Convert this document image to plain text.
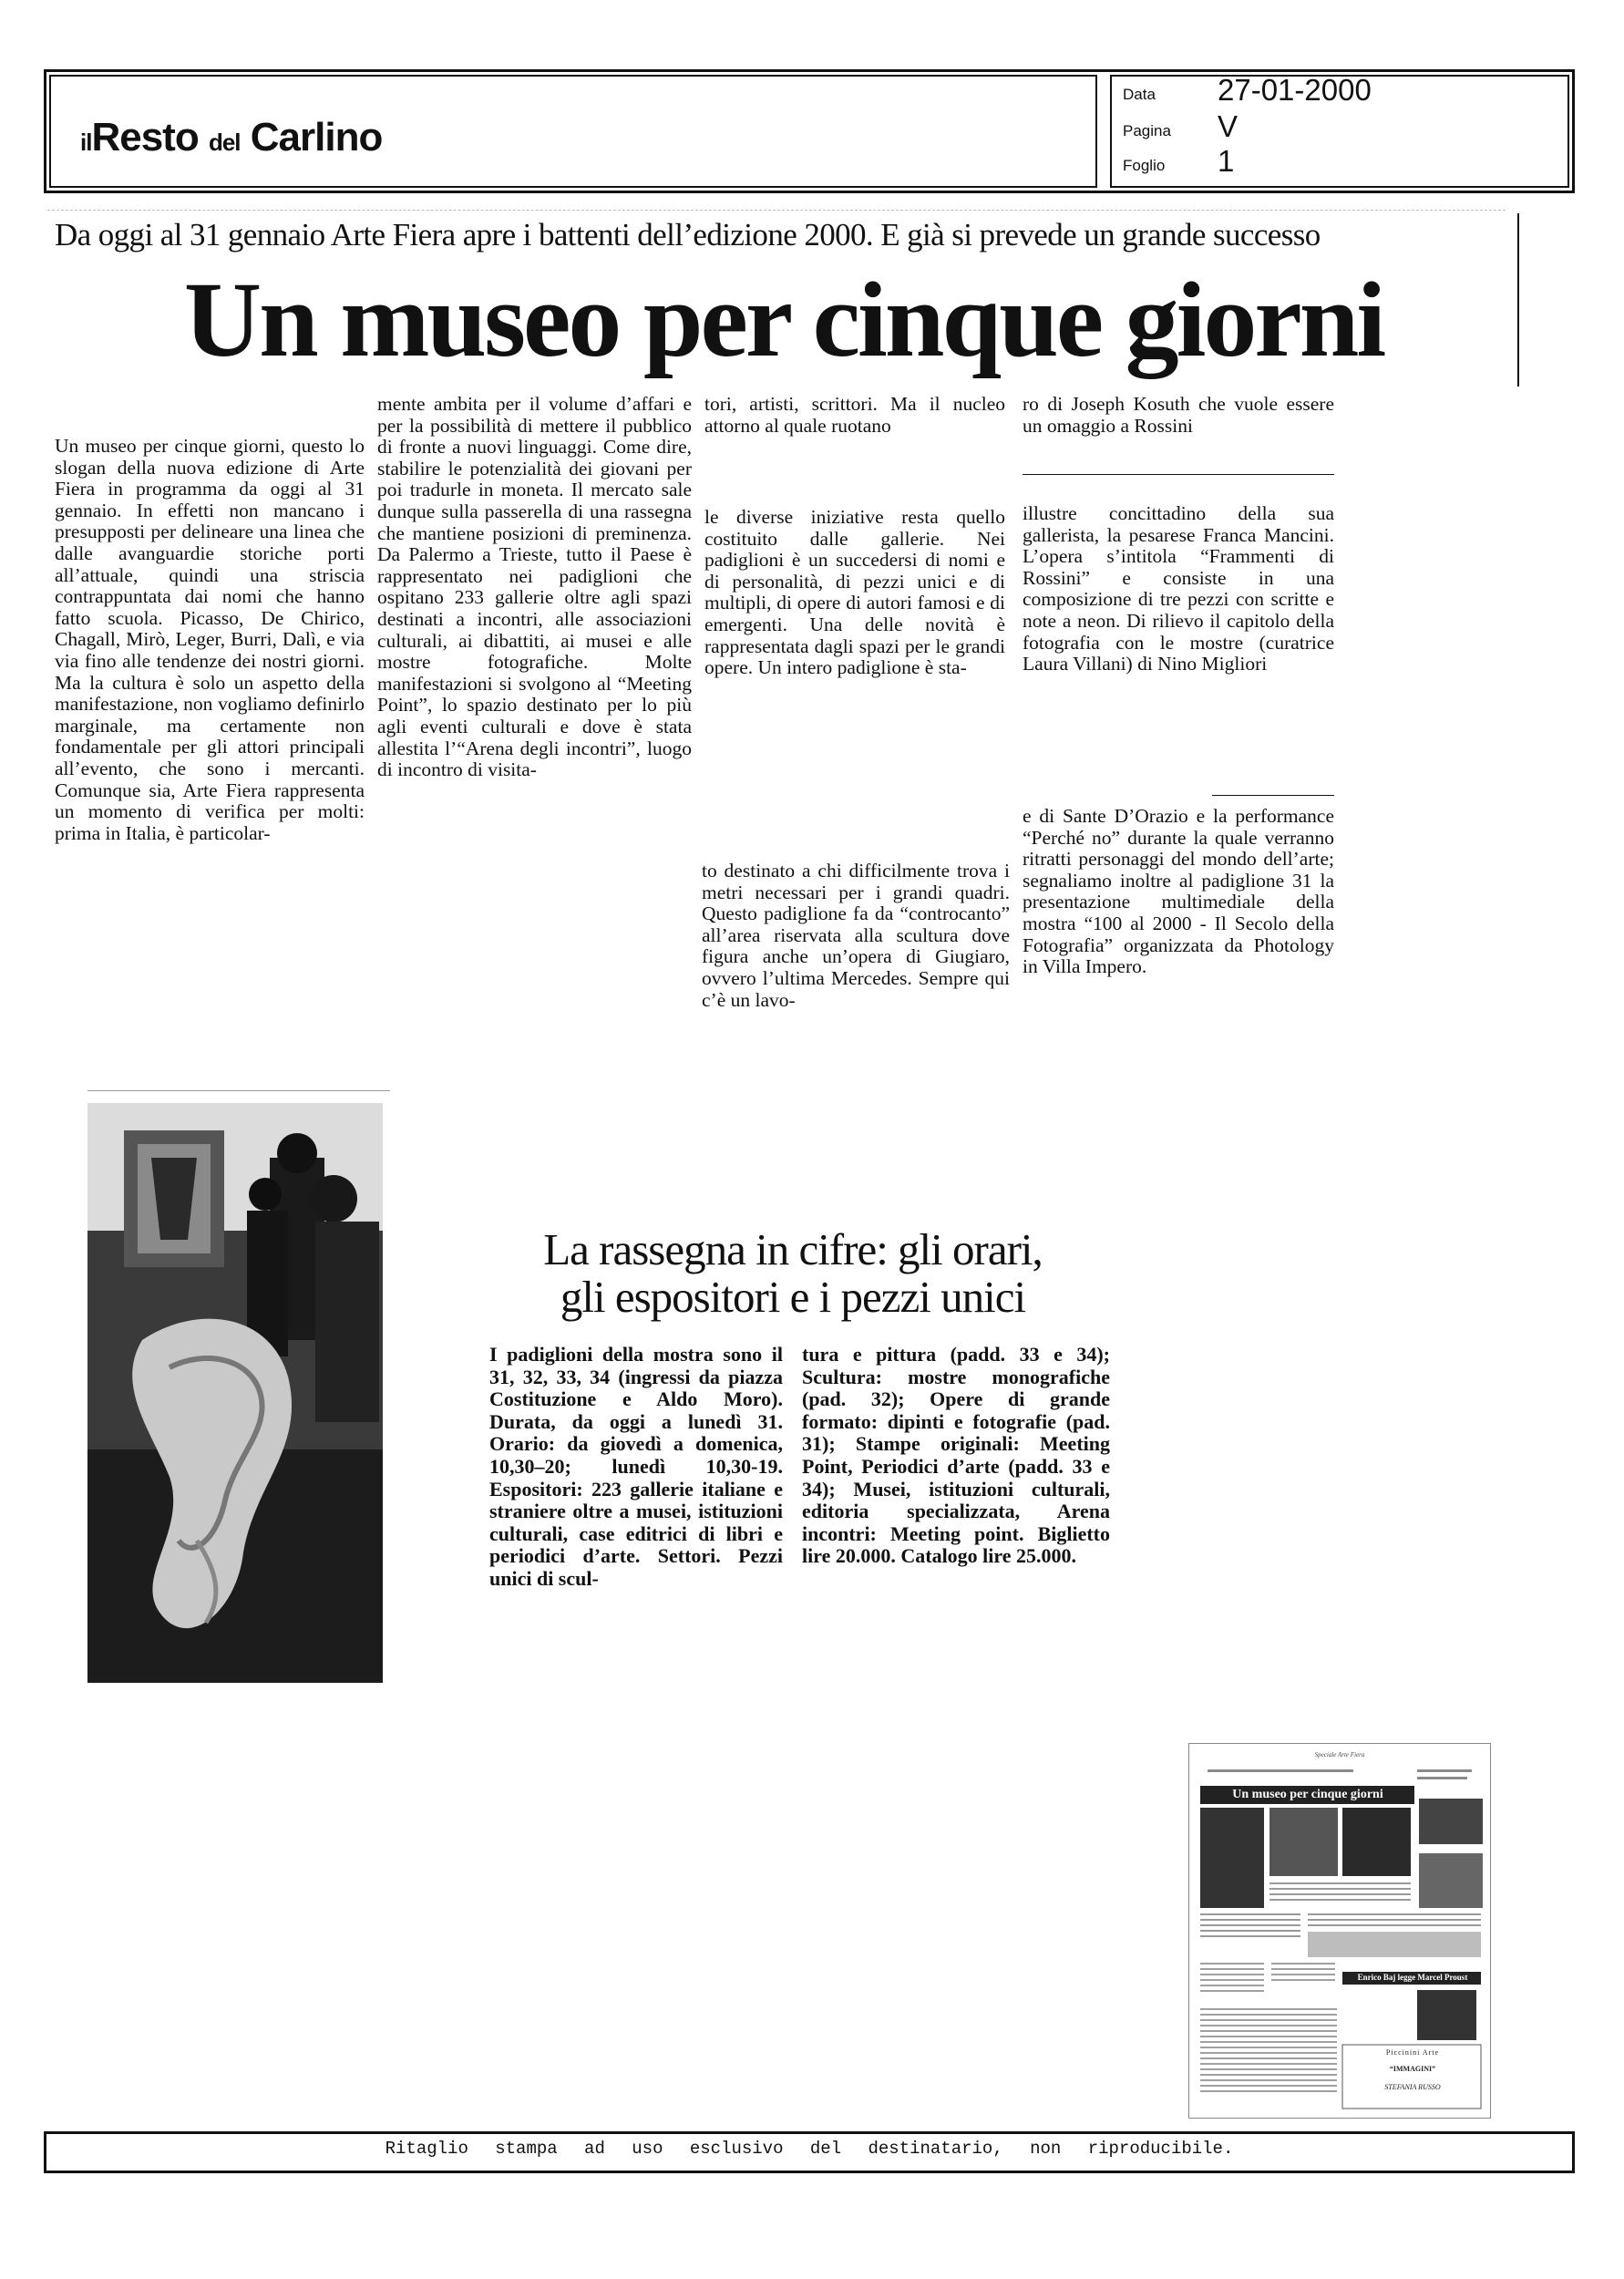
ilResto del Carlino
Data 27-01-2000
Pagina V
Foglio 1
Da oggi al 31 gennaio Arte Fiera apre i battenti dell’edizione 2000. E già si prevede un grande successo
Un museo per cinque giorni

Un museo per cinque giorni, questo lo slogan della nuova edizione di Arte Fiera in programma da oggi al 31 gennaio. In effetti non mancano i presupposti per delineare una linea che dalle avanguardie storiche porti all’attuale, quindi una striscia contrappuntata dai nomi che hanno fatto scuola. Picasso, De Chirico, Chagall, Mirò, Leger, Burri, Dalì, e via via fino alle tendenze dei nostri giorni. Ma la cultura è solo un aspetto della manifestazione, non vogliamo definirlo marginale, ma certamente non fondamentale per gli attori principali all’evento, che sono i mercanti. Comunque sia, Arte Fiera rappresenta un momento di verifica per molti: prima in Italia, è particolar-

mente ambita per il volume d’affari e per la possibilità di mettere il pubblico di fronte a nuovi linguaggi. Come dire, stabilire le potenzialità dei giovani per poi tradurle in moneta. Il mercato sale dunque sulla passerella di una rassegna che mantiene posizioni di preminenza. Da Palermo a Trieste, tutto il Paese è rappresentato nei padiglioni che ospitano 233 gallerie oltre agli spazi destinati a incontri, alle associazioni culturali, ai dibattiti, ai musei e alle mostre fotografiche. Molte manifestazioni si svolgono al “Meeting Point”, lo spazio destinato per lo più agli eventi culturali e dove è stata allestita l’“Arena degli incontri”, luogo di incontro di visita-

tori, artisti, scrittori. Ma il nucleo attorno al quale ruotano

le diverse iniziative resta quello costituito dalle gallerie. Nei padiglioni è un succedersi di nomi e di personalità, di pezzi unici e di multipli, di opere di autori famosi e di emergenti. Una delle novità è rappresentata dagli spazi per le grandi opere. Un intero padiglione è sta-

to destinato a chi difficilmente trova i metri necessari per i grandi quadri. Questo padiglione fa da “controcanto” all’area riservata alla scultura dove figura anche un’opera di Giugiaro, ovvero l’ultima Mercedes. Sempre qui c’è un lavo-

ro di Joseph Kosuth che vuole essere un omaggio a Rossini

illustre concittadino della sua gallerista, la pesarese Franca Mancini. L’opera s’intitola “Frammenti di Rossini” e consiste in una composizione di tre pezzi con scritte e note a neon. Di rilievo il capitolo della fotografia con le mostre (curatrice Laura Villani) di Nino Migliori

e di Sante D’Orazio e la performance “Perché no” durante la quale verranno ritratti personaggi del mondo dell’arte; segnaliamo inoltre al padiglione 31 la presentazione multimediale della mostra “100 al 2000 - Il Secolo della Fotografia” organizzata da Photology in Villa Impero.

La rassegna in cifre: gli orari,
gli espositori e i pezzi unici
I padiglioni della mostra sono il 31, 32, 33, 34 (ingressi da piazza Costituzione e Aldo Moro). Durata, da oggi a lunedì 31. Orario: da giovedì a domenica, 10,30–20; lunedì 10,30-19. Espositori: 223 gallerie italiane e straniere oltre a musei, istituzioni culturali, case editrici di libri e periodici d’arte. Settori. Pezzi unici di scul-
tura e pittura (padd. 33 e 34); Scultura: mostre monografiche (pad. 32); Opere di grande formato: dipinti e fotografie (pad. 31); Stampe originali: Meeting Point, Periodici d’arte (padd. 33 e 34); Musei, istituzioni culturali, editoria specializzata, Arena incontri: Meeting point. Biglietto lire 20.000. Catalogo lire 25.000.
Speciale Arte Fiera
Un museo per cinque giorni
Enrico Baj legge Marcel Proust
Piccinini Arte
“IMMAGINI”
STEFANIA RUSSO
Ritaglio stampa ad uso esclusivo del destinatario, non riproducibile.
